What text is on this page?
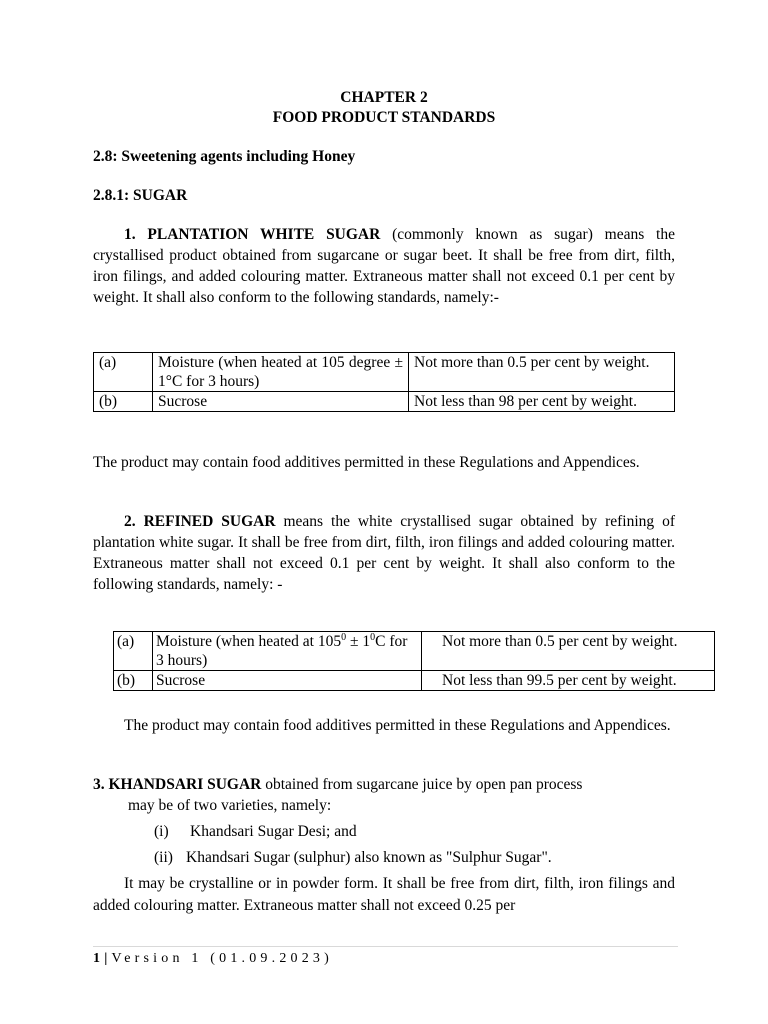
CHAPTER 2
FOOD PRODUCT STANDARDS
2.8: Sweetening agents including Honey
2.8.1: SUGAR

1. PLANTATION WHITE SUGAR (commonly known as sugar) means the crystallised product obtained from sugarcane or sugar beet. It shall be free from dirt, filth, iron filings, and added colouring matter. Extraneous matter shall not exceed 0.1 per cent by weight. It shall also conform to the following standards, namely:-

(a)	Moisture (when heated at 105 degree ± 1°C for 3 hours)	Not more than 0.5 per cent by weight.
(b)	Sucrose	Not less than 98 per cent by weight.

The product may contain food additives permitted in these Regulations and Appendices.

2. REFINED SUGAR means the white crystallised sugar obtained by refining of plantation white sugar. It shall be free from dirt, filth, iron filings and added colouring matter. Extraneous matter shall not exceed 0.1 per cent by weight. It shall also conform to the following standards, namely: -

(a)	Moisture (when heated at $105^0 \pm 1^0C$ for 3 hours)	Not more than 0.5 per cent by weight.
(b)	Sucrose	Not less than 99.5 per cent by weight.

The product may contain food additives permitted in these Regulations and Appendices.

3. KHANDSARI SUGAR obtained from sugarcane juice by open pan process
may be of two varieties, namely:
(i) Khandsari Sugar Desi; and
(ii) Khandsari Sugar (sulphur) also known as "Sulphur Sugar".

It may be crystalline or in powder form. It shall be free from dirt, filth, iron filings and added colouring matter. Extraneous matter shall not exceed 0.25 per

1|Version 1 (01.09.2023)
